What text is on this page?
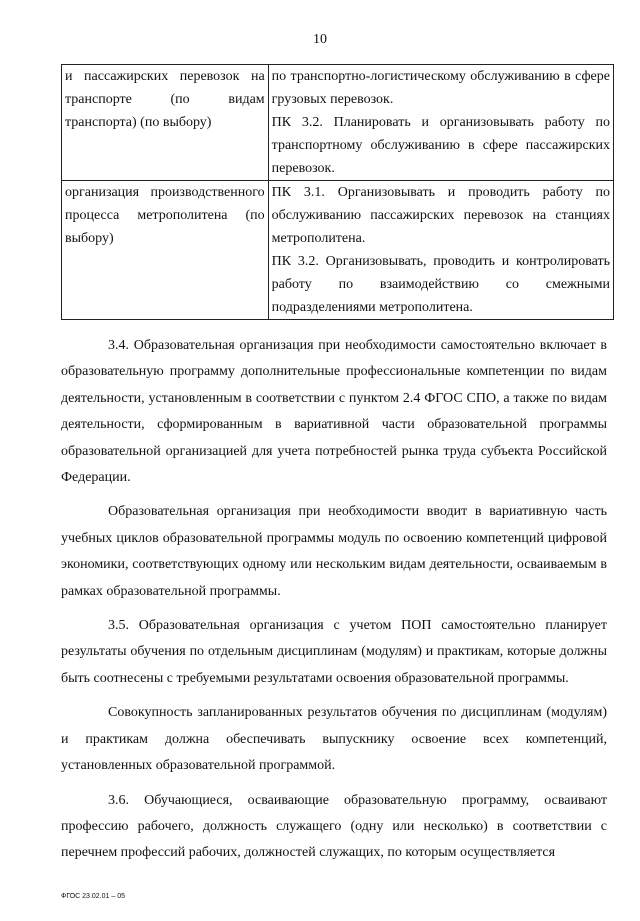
10
и пассажирских перевозок на транспорте (по видам транспорта) (по выбору)	по транспортно-логистическому обслуживанию в сфере грузовых перевозок.
ПК 3.2. Планировать и организовывать работу по транспортному обслуживанию в сфере пассажирских перевозок.

организация производственного процесса метрополитена (по выбору)	ПК 3.1. Организовывать и проводить работу по обслуживанию пассажирских перевозок на станциях метрополитена.
ПК 3.2. Организовывать, проводить и контролировать работу по взаимодействию со смежными подразделениями метрополитена.

3.4. Образовательная организация при необходимости самостоятельно включает в образовательную программу дополнительные профессиональные компетенции по видам деятельности, установленным в соответствии с пунктом 2.4 ФГОС СПО, а также по видам деятельности, сформированным в вариативной части образовательной программы образовательной организацией для учета потребностей рынка труда субъекта Российской Федерации.

Образовательная организация при необходимости вводит в вариативную часть учебных циклов образовательной программы модуль по освоению компетенций цифровой экономики, соответствующих одному или нескольким видам деятельности, осваиваемым в рамках образовательной программы.

3.5. Образовательная организация с учетом ПОП самостоятельно планирует результаты обучения по отдельным дисциплинам (модулям) и практикам, которые должны быть соотнесены с требуемыми результатами освоения образовательной программы.

Совокупность запланированных результатов обучения по дисциплинам (модулям) и практикам должна обеспечивать выпускнику освоение всех компетенций, установленных образовательной программой.

3.6. Обучающиеся, осваивающие образовательную программу, осваивают профессию рабочего, должность служащего (одну или несколько) в соответствии с перечнем профессий рабочих, должностей служащих, по которым осуществляется

ФГОС 23.02.01 – 05
